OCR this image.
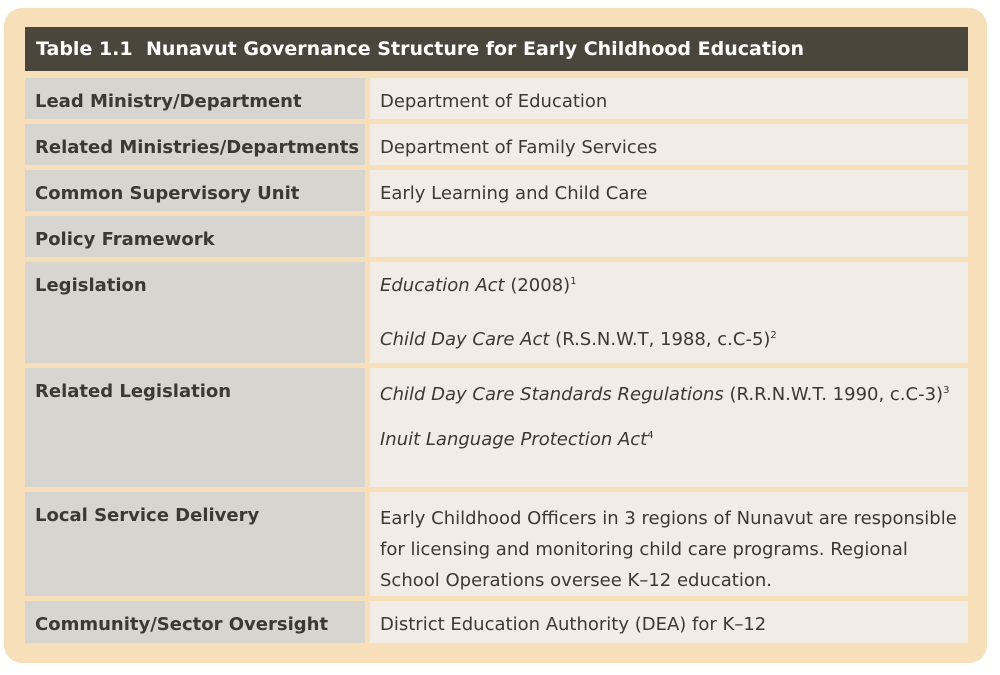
Table 1.1 Nunavut Governance Structure for Early Childhood Education
Lead Ministry/Department	Department of Education
Related Ministries/Departments	Department of Family Services
Common Supervisory Unit	Early Learning and Child Care
Policy Framework
Legislation	Education Act $(2008)^1$

Child Day Care Act (R.S.N.W.T, 1988, c.C-5)$^2$

Related Legislation	Child Day Care Standards Regulations (R.R.N.W.T. 1990, c.C-3)$^3$

Inuit Language Protection Act$^4$

Local Service Delivery	Early Childhood Officers in 3 regions of Nunavut are responsible for licensing and monitoring child care programs. Regional School Operations oversee K–12 education.
Community/Sector Oversight	District Education Authority (DEA) for K–12
